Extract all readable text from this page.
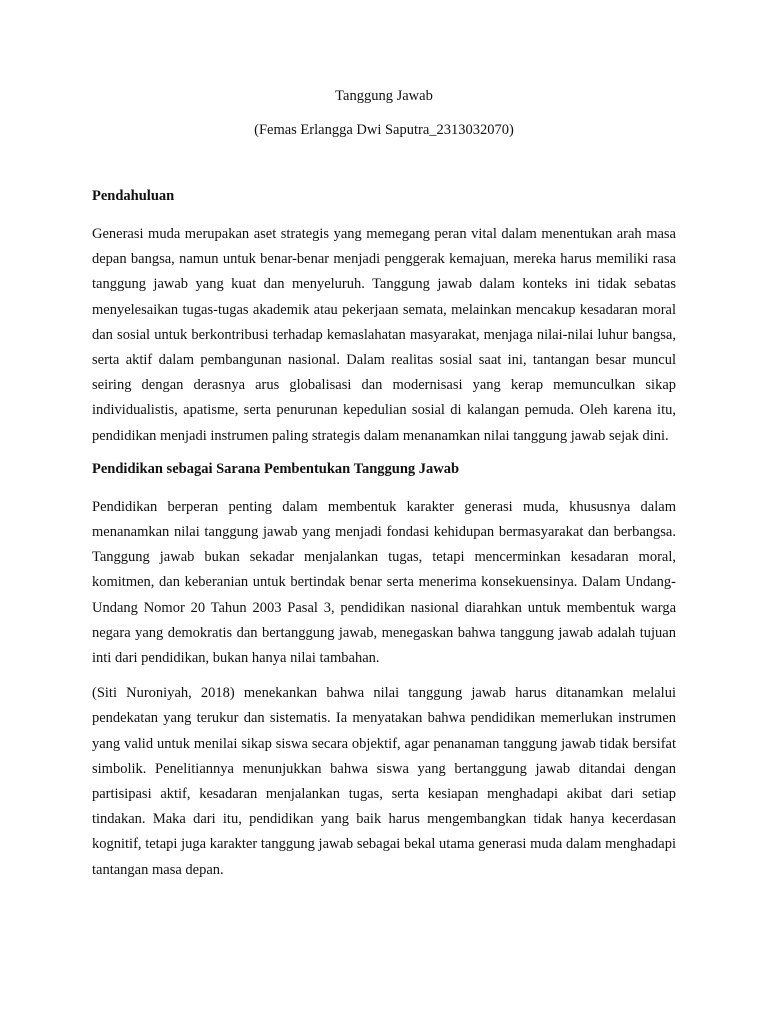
Tanggung Jawab
(Femas Erlangga Dwi Saputra_2313032070)
Pendahuluan

Generasi muda merupakan aset strategis yang memegang peran vital dalam menentukan arah masa depan bangsa, namun untuk benar-benar menjadi penggerak kemajuan, mereka harus memiliki rasa tanggung jawab yang kuat dan menyeluruh. Tanggung jawab dalam konteks ini tidak sebatas menyelesaikan tugas-tugas akademik atau pekerjaan semata, melainkan mencakup kesadaran moral dan sosial untuk berkontribusi terhadap kemaslahatan masyarakat, menjaga nilai-nilai luhur bangsa, serta aktif dalam pembangunan nasional. Dalam realitas sosial saat ini, tantangan besar muncul seiring dengan derasnya arus globalisasi dan modernisasi yang kerap memunculkan sikap individualistis, apatisme, serta penurunan kepedulian sosial di kalangan pemuda. Oleh karena itu, pendidikan menjadi instrumen paling strategis dalam menanamkan nilai tanggung jawab sejak dini.

Pendidikan sebagai Sarana Pembentukan Tanggung Jawab

Pendidikan berperan penting dalam membentuk karakter generasi muda, khususnya dalam menanamkan nilai tanggung jawab yang menjadi fondasi kehidupan bermasyarakat dan berbangsa. Tanggung jawab bukan sekadar menjalankan tugas, tetapi mencerminkan kesadaran moral, komitmen, dan keberanian untuk bertindak benar serta menerima konsekuensinya. Dalam Undang-Undang Nomor 20 Tahun 2003 Pasal 3, pendidikan nasional diarahkan untuk membentuk warga negara yang demokratis dan bertanggung jawab, menegaskan bahwa tanggung jawab adalah tujuan inti dari pendidikan, bukan hanya nilai tambahan.

(Siti Nuroniyah, 2018) menekankan bahwa nilai tanggung jawab harus ditanamkan melalui pendekatan yang terukur dan sistematis. Ia menyatakan bahwa pendidikan memerlukan instrumen yang valid untuk menilai sikap siswa secara objektif, agar penanaman tanggung jawab tidak bersifat simbolik. Penelitiannya menunjukkan bahwa siswa yang bertanggung jawab ditandai dengan partisipasi aktif, kesadaran menjalankan tugas, serta kesiapan menghadapi akibat dari setiap tindakan. Maka dari itu, pendidikan yang baik harus mengembangkan tidak hanya kecerdasan kognitif, tetapi juga karakter tanggung jawab sebagai bekal utama generasi muda dalam menghadapi tantangan masa depan.
